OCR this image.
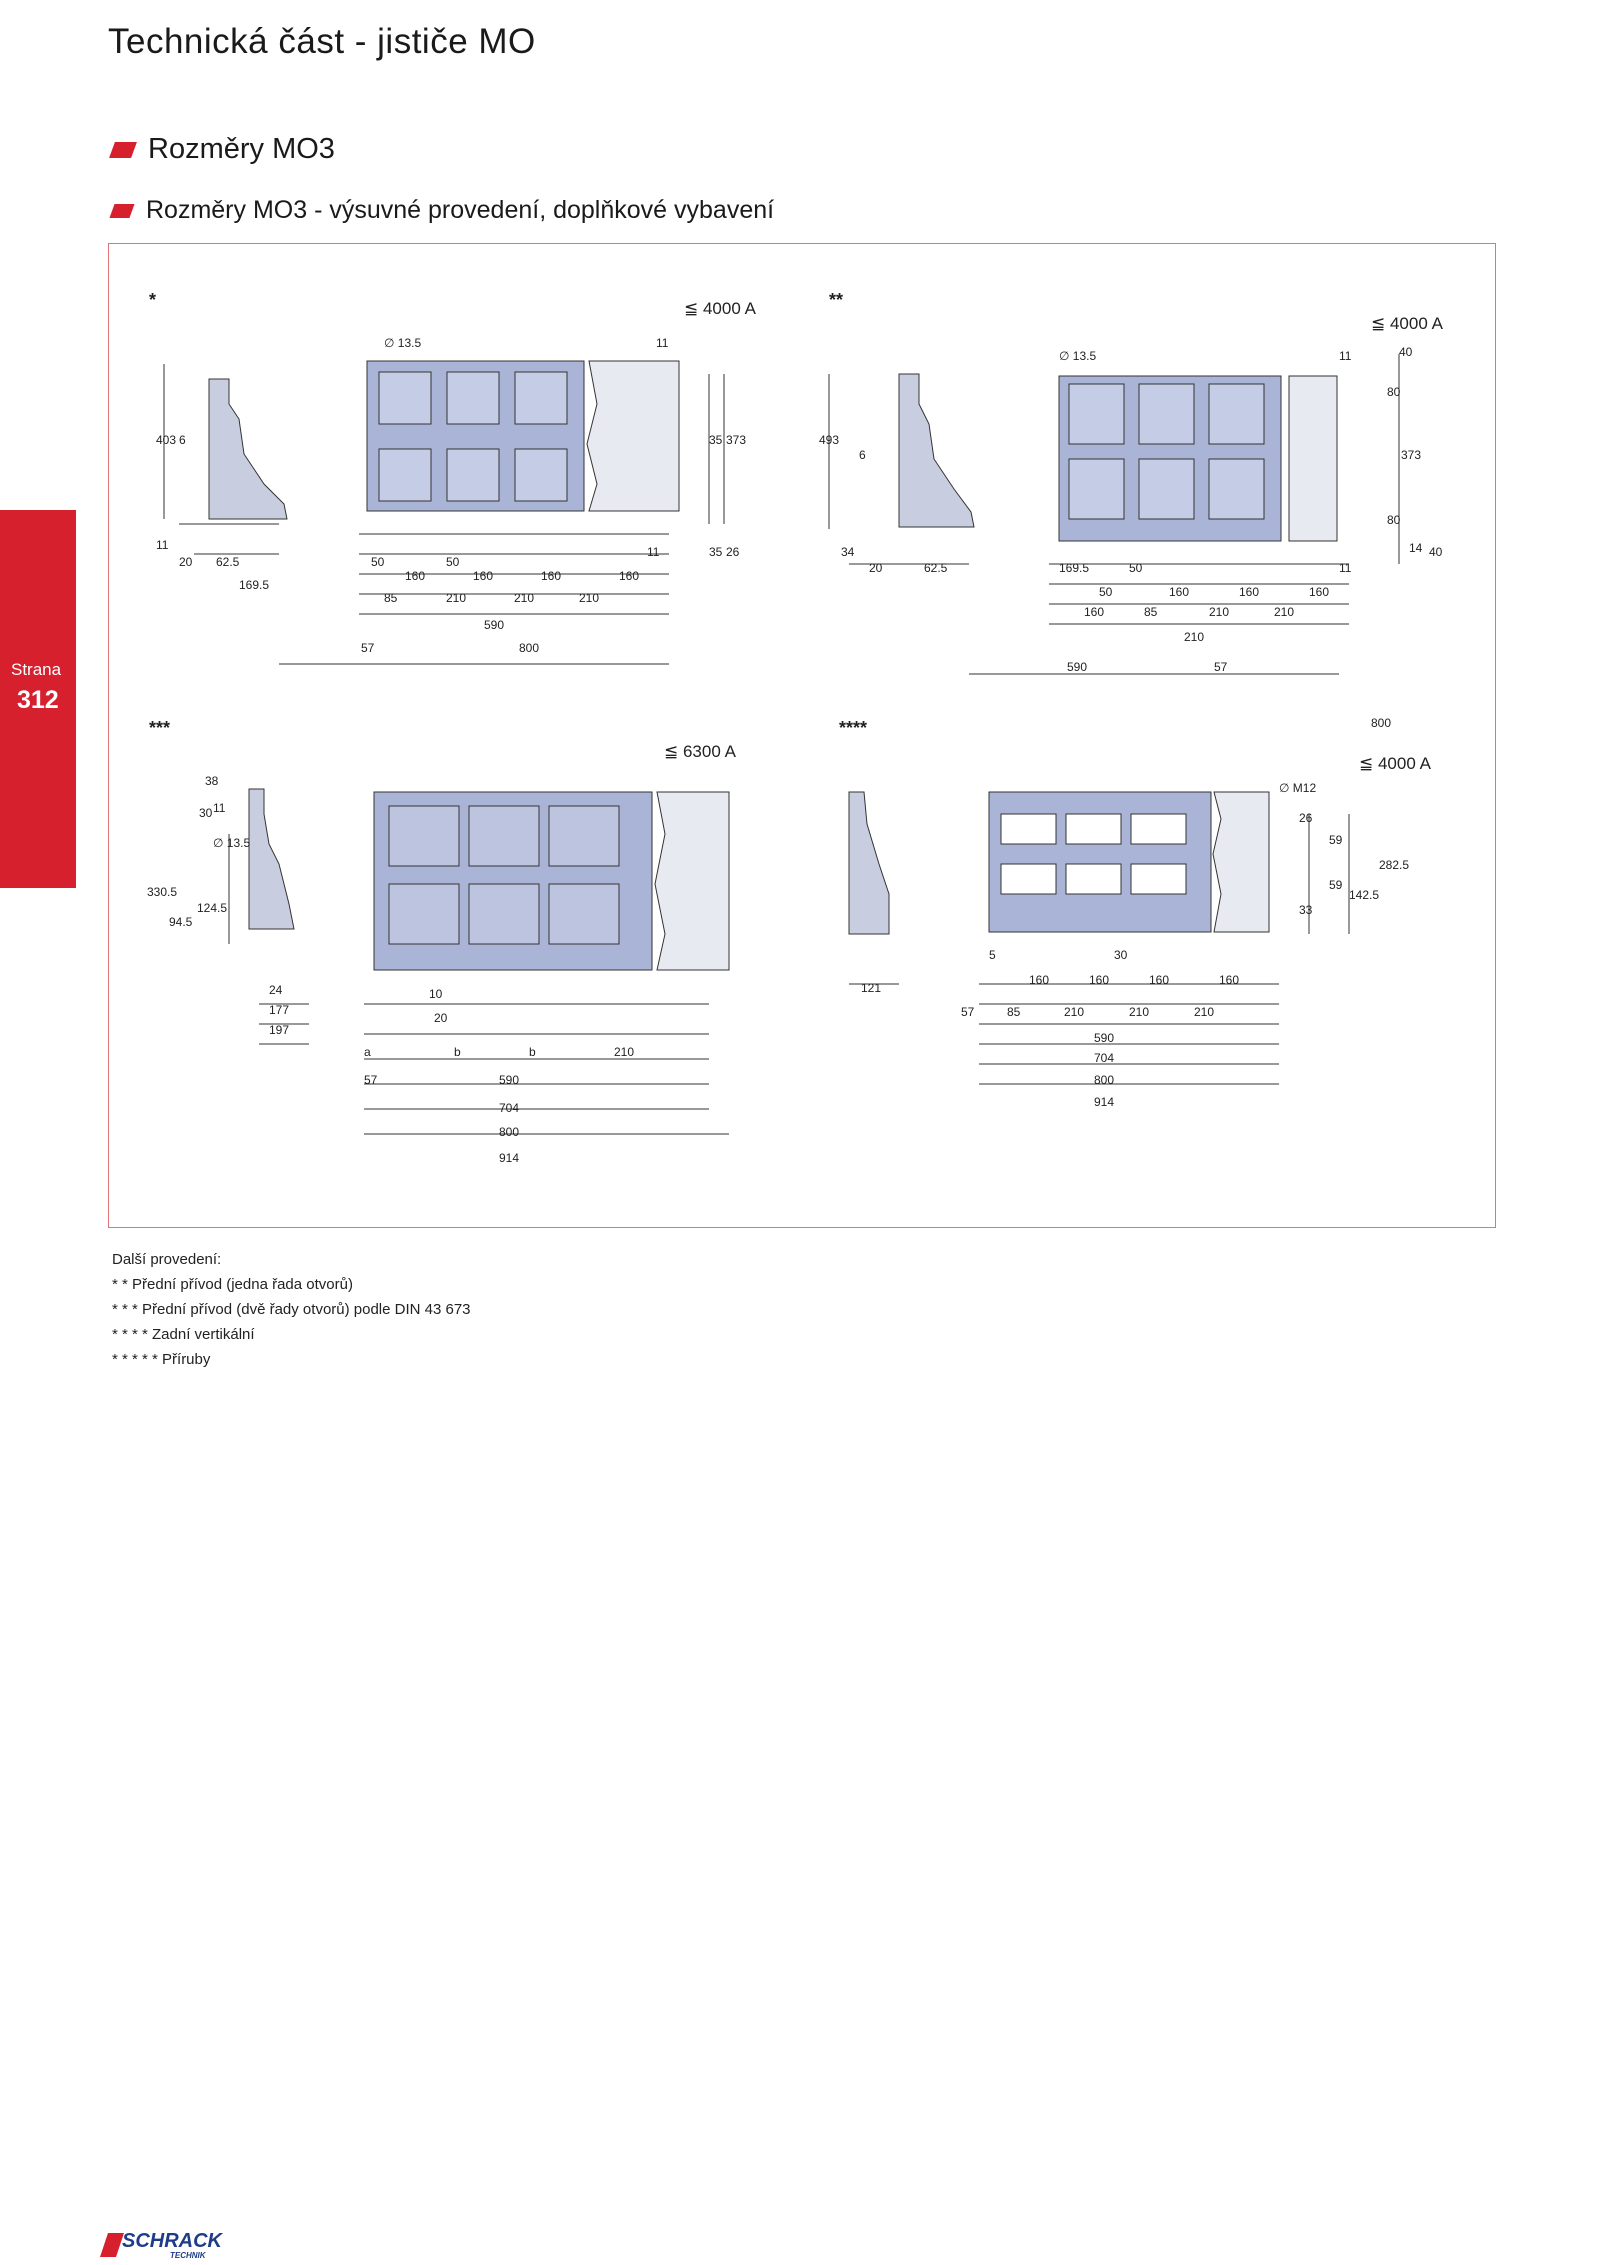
Technická část - jističe MO
Rozměry MO3
Rozměry MO3 - výsuvné provedení, doplňkové vybavení
Strana
312
*	≦ 4000 A
∅ 13.5	11
11
403 6
11
20 62.5
169.5
35 373
35 26
50	50
160	160	160	160
85	210	210	210
590
57	800
**
≦ 4000 A
∅ 13.5	11
11
40
80
373
80
14 40
493
6
34
20	62.5	169.5	50
50	160	160	160
160	85	210	210
210
590	57
800
***
≦ 6300 A
38
30 11
∅ 13.5
330.5
124.5
94.5
24
177
197
10
20
a	b	b	210
57	590
704
800
914
****
≦ 4000 A
∅ M12
26
59
59
33
142.5
282.5
121
5	30
160	160	160	160
57	85	210	210	210
590
704
800
914
Další provedení:
* * Přední přívod (jedna řada otvorů)
* * * Přední přívod (dvě řady otvorů) podle DIN 43 673
* * * * Zadní vertikální
* * * * * Příruby
SCHRACK
TECHNIK
